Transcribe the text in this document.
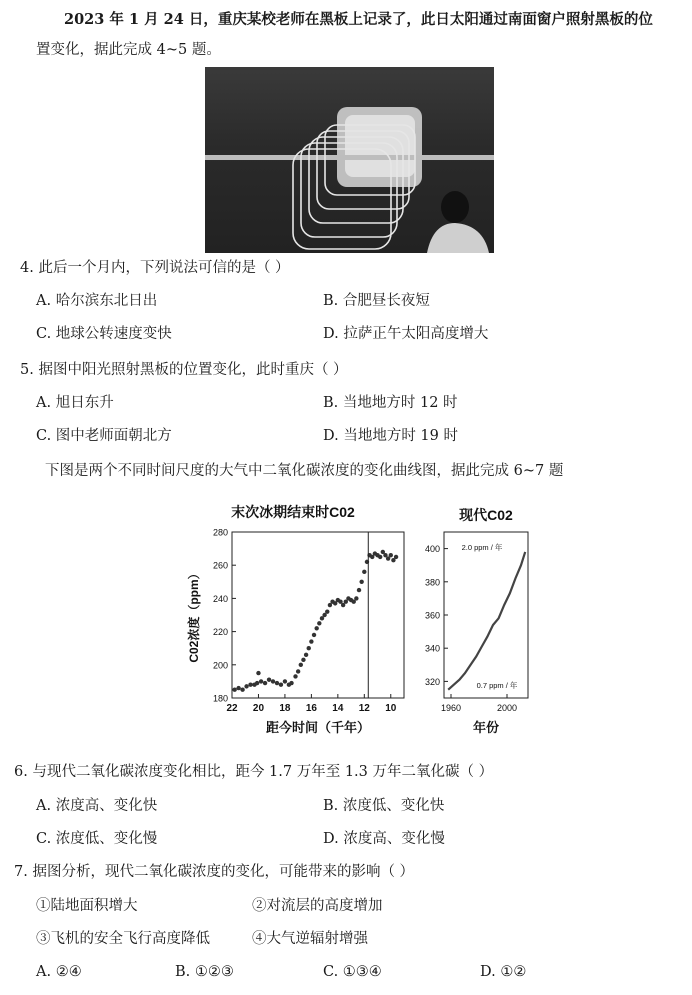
2023 年 1 月 24 日，重庆某校老师在黑板上记录了，此日太阳通过南面窗户照射黑板的位
置变化，据此完成 4~5 题。
4. 此后一个月内，下列说法可信的是（ ）
A. 哈尔滨东北日出	B. 合肥昼长夜短
C. 地球公转速度变快	D. 拉萨正午太阳高度增大
5. 据图中阳光照射黑板的位置变化，此时重庆（ ）
A. 旭日东升	B. 当地地方时 12 时
C. 图中老师面朝北方	D. 当地地方时 19 时
下图是两个不同时间尺度的大气中二氧化碳浓度的变化曲线图，据此完成 6~7 题
末次冰期结束时C02
180
200
220
240
260
280
22 20 18 16 14 12 10
C02浓度（ppm）
距今时间（千年）
现代C02
320
340
360
380
400
1960	2000
2.0 ppm / 年
0.7 ppm / 年
年份
6. 与现代二氧化碳浓度变化相比，距今 1.7 万年至 1.3 万年二氧化碳（ ）
A. 浓度高、变化快	B. 浓度低、变化快
C. 浓度低、变化慢	D. 浓度高、变化慢
7. 据图分析，现代二氧化碳浓度的变化，可能带来的影响（ ）
①陆地面积增大	②对流层的高度增加
③飞机的安全飞行高度降低	④大气逆辐射增强
A. ②④	B. ①②③	C. ①③④	D. ①②
